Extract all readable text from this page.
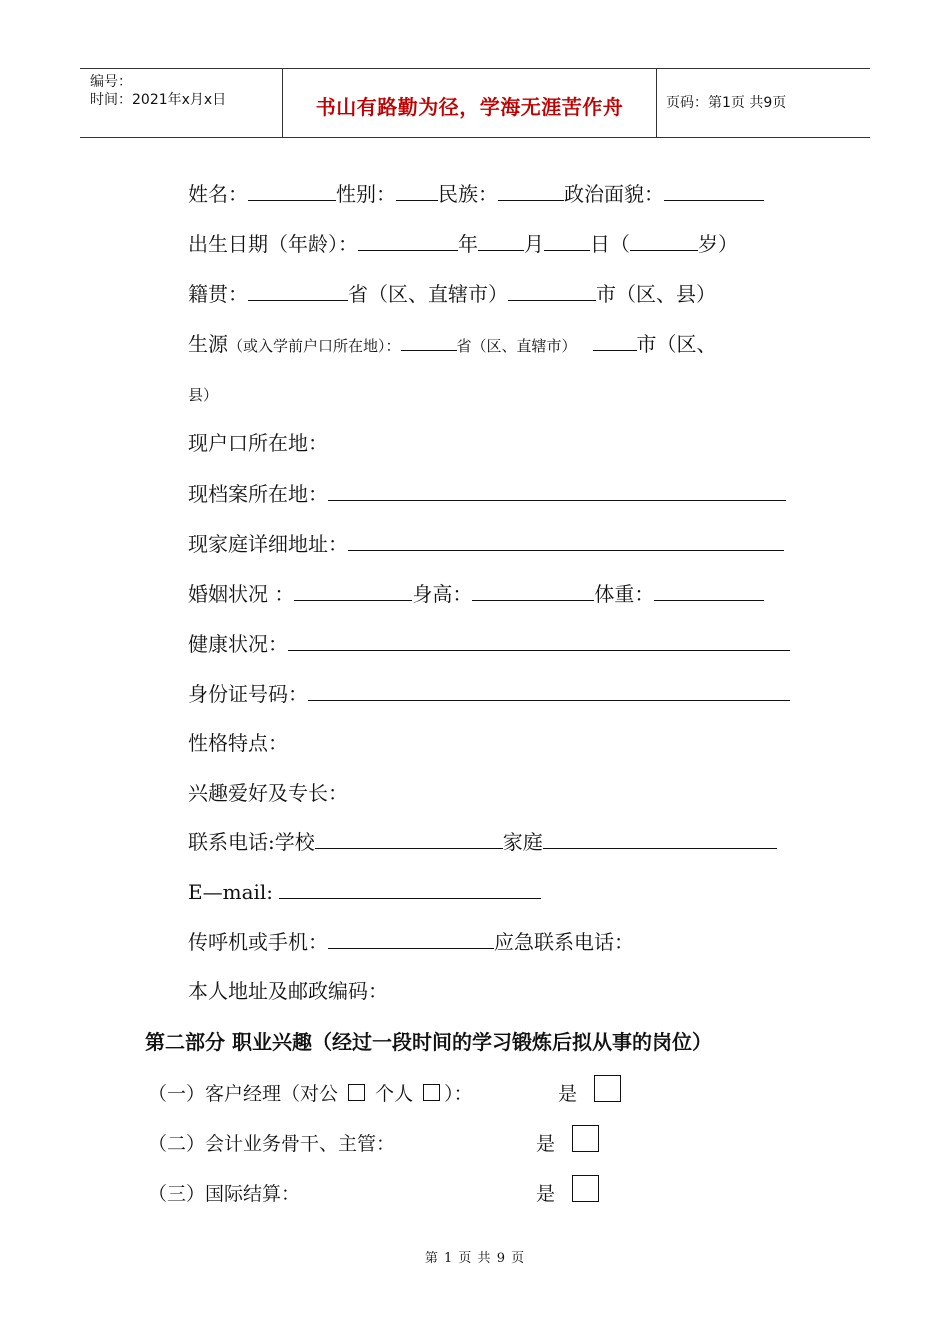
编号：
时间：2021年x月x日	书山有路勤为径，学海无涯苦作舟	页码：第1页 共9页
姓名：	性别： 民族：	政治面貌：
出生日期（年龄）：	年 月 日（	岁）
籍贯：	省（区、直辖市）	市（区、县）
生源（或入学前户口所在地）：	省（区、直辖市）	市（区、
县）
现户口所在地：
现档案所在地：
现家庭详细地址：
婚姻状况 ：	身高：	体重：
健康状况：
身份证号码：
性格特点：
兴趣爱好及专长：
联系电话:学校	家庭
E—mail:
传呼机或手机：	应急联系电话：
本人地址及邮政编码：
第二部分 职业兴趣（经过一段时间的学习锻炼后拟从事的岗位）
（一）客户经理（对公 个人 ）：	是
（二）会计业务骨干、主管：	是
（三）国际结算：	是
第 1 页 共 9 页
